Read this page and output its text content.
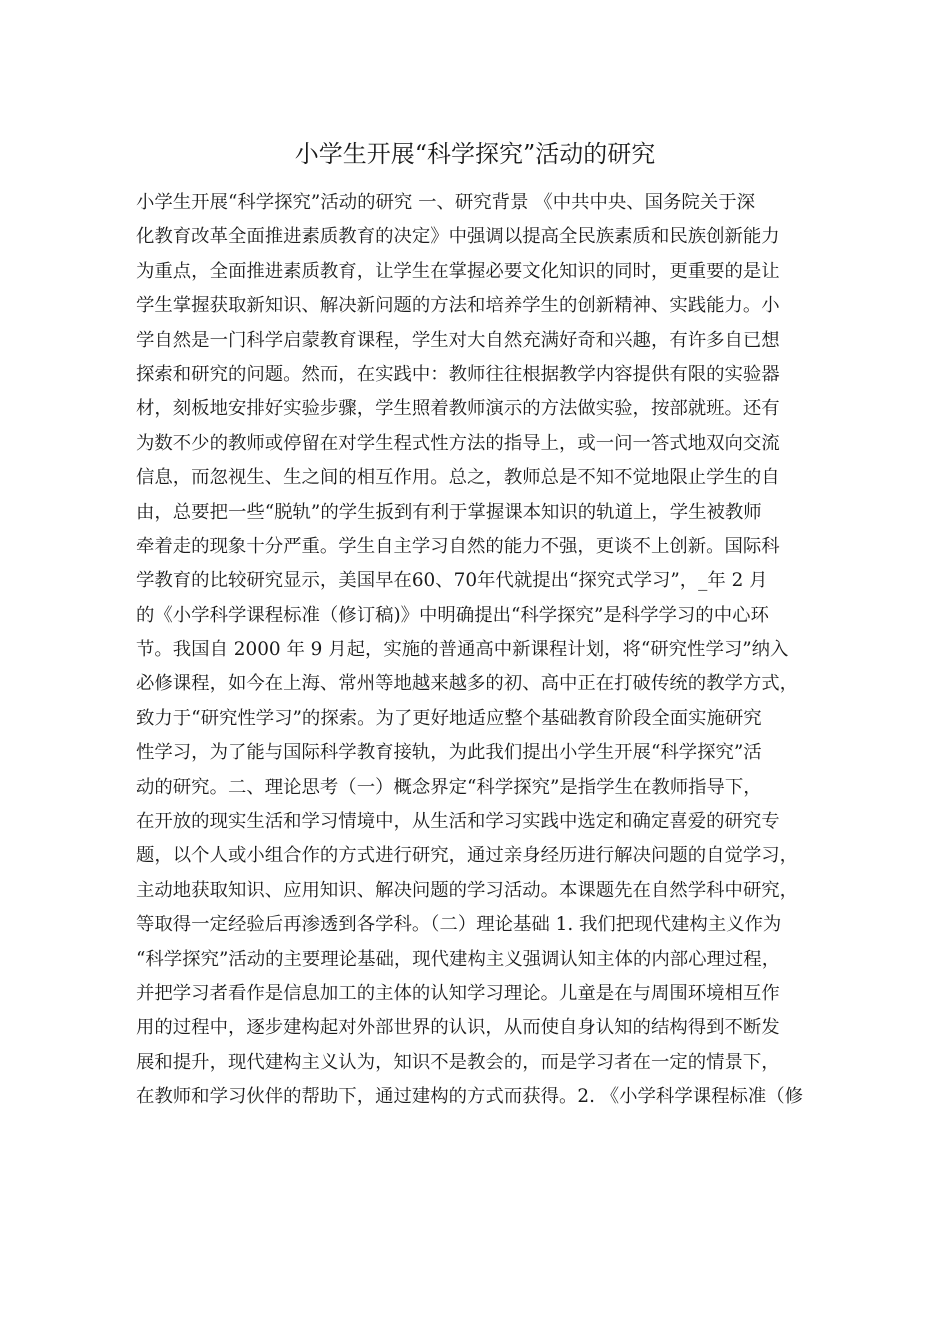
小学生开展“科学探究”活动的研究
小学生开展“科学探究”活动的研究 一、研究背景 《中共中央、国务院关于深
化教育改革全面推进素质教育的决定》中强调以提高全民族素质和民族创新能力
为重点，全面推进素质教育，让学生在掌握必要文化知识的同时，更重要的是让
学生掌握获取新知识、解决新问题的方法和培养学生的创新精神、实践能力。小
学自然是一门科学启蒙教育课程，学生对大自然充满好奇和兴趣，有许多自已想
探索和研究的问题。然而，在实践中：教师往往根据教学内容提供有限的实验器
材，刻板地安排好实验步骤，学生照着教师演示的方法做实验，按部就班。还有
为数不少的教师或停留在对学生程式性方法的指导上，或一问一答式地双向交流
信息，而忽视生、生之间的相互作用。总之，教师总是不知不觉地限止学生的自
由，总要把一些“脱轨”的学生扳到有利于掌握课本知识的轨道上，学生被教师
牵着走的现象十分严重。学生自主学习自然的能力不强，更谈不上创新。国际科
学教育的比较研究显示，美国早在60、70年代就提出“探究式学习”，_年 2 月
的《小学科学课程标准（修订稿)》中明确提出“科学探究”是科学学习的中心环
节。我国自 2000 年 9 月起，实施的普通高中新课程计划，将“研究性学习”纳入
必修课程，如今在上海、常州等地越来越多的初、高中正在打破传统的教学方式，
致力于“研究性学习”的探索。为了更好地适应整个基础教育阶段全面实施研究
性学习，为了能与国际科学教育接轨，为此我们提出小学生开展“科学探究”活
动的研究。二、理论思考（一）概念界定“科学探究”是指学生在教师指导下，
在开放的现实生活和学习情境中，从生活和学习实践中选定和确定喜爱的研究专
题，以个人或小组合作的方式进行研究，通过亲身经历进行解决问题的自觉学习，
主动地获取知识、应用知识、解决问题的学习活动。本课题先在自然学科中研究，
等取得一定经验后再渗透到各学科。（二）理论基础 1. 我们把现代建构主义作为
“科学探究”活动的主要理论基础，现代建构主义强调认知主体的内部心理过程，
并把学习者看作是信息加工的主体的认知学习理论。儿童是在与周围环境相互作
用的过程中，逐步建构起对外部世界的认识，从而使自身认知的结构得到不断发
展和提升，现代建构主义认为，知识不是教会的，而是学习者在一定的情景下，
在教师和学习伙伴的帮助下，通过建构的方式而获得。2. 《小学科学课程标准（修
